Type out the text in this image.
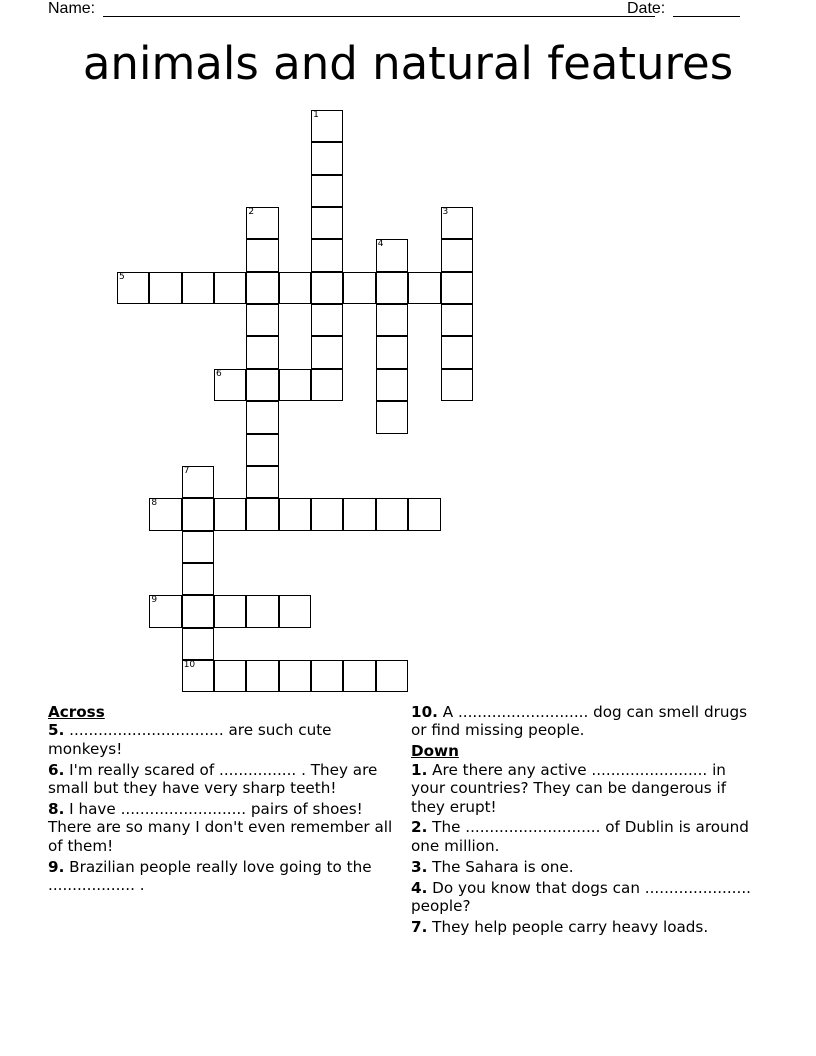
Name:	Date:
animals and natural features
1
2	3
4
5
6
7
10
8
9
Across
5. ................................ are such cute monkeys!
6. I'm really scared of ................ . They are small but they have very sharp teeth!
8. I have .......................... pairs of shoes! There are so many I don't even remember all of them!
9. Brazilian people really love going to the .................. .
10. A ........................... dog can smell drugs or find missing people.
Down
1. Are there any active ........................ in your countries? They can be dangerous if they erupt!
2. The ............................ of Dublin is around one million.
3. The Sahara is one.
4. Do you know that dogs can ...................... people?
7. They help people carry heavy loads.
